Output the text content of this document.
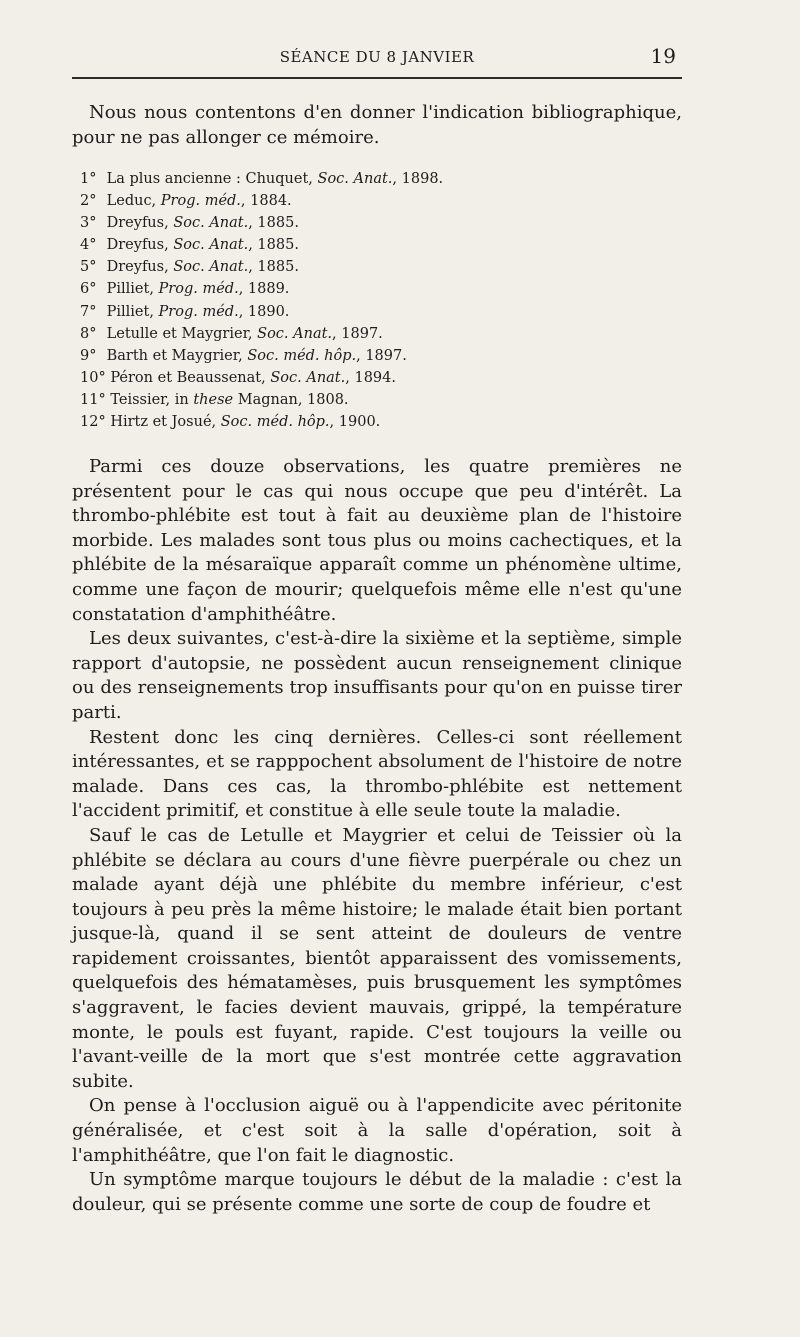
SÉANCE DU 8 JANVIER	19

Nous nous contentons d'en donner l'indication bibliographique, pour ne pas allonger ce mémoire.

1° La plus ancienne : Chuquet, Soc. Anat., 1898.
2° Leduc, Prog. méd., 1884.
3° Dreyfus, Soc. Anat., 1885.
4° Dreyfus, Soc. Anat., 1885.
5° Dreyfus, Soc. Anat., 1885.
6° Pilliet, Prog. méd., 1889.
7° Pilliet, Prog. méd., 1890.
8° Letulle et Maygrier, Soc. Anat., 1897.
9° Barth et Maygrier, Soc. méd. hôp., 1897.
10° Péron et Beaussenat, Soc. Anat., 1894.
11° Teissier, in these Magnan, 1808.
12° Hirtz et Josué, Soc. méd. hôp., 1900.

Parmi ces douze observations, les quatre premières ne présentent pour le cas qui nous occupe que peu d'intérêt. La thrombo-phlébite est tout à fait au deuxième plan de l'histoire morbide. Les malades sont tous plus ou moins cachectiques, et la phlébite de la mésaraïque apparaît comme un phénomène ultime, comme une façon de mourir; quelquefois même elle n'est qu'une constatation d'amphithéâtre.

Les deux suivantes, c'est-à-dire la sixième et la septième, simple rapport d'autopsie, ne possèdent aucun renseignement clinique ou des renseignements trop insuffisants pour qu'on en puisse tirer parti.

Restent donc les cinq dernières. Celles-ci sont réellement intéressantes, et se rapppochent absolument de l'histoire de notre malade. Dans ces cas, la thrombo-phlébite est nettement l'accident primitif, et constitue à elle seule toute la maladie.

Sauf le cas de Letulle et Maygrier et celui de Teissier où la phlébite se déclara au cours d'une fièvre puerpérale ou chez un malade ayant déjà une phlébite du membre inférieur, c'est toujours à peu près la même histoire; le malade était bien portant jusque-là, quand il se sent atteint de douleurs de ventre rapidement croissantes, bientôt apparaissent des vomissements, quelquefois des hématamèses, puis brusquement les symptômes s'aggravent, le facies devient mauvais, grippé, la température monte, le pouls est fuyant, rapide. C'est toujours la veille ou l'avant-veille de la mort que s'est montrée cette aggravation subite.

On pense à l'occlusion aiguë ou à l'appendicite avec péritonite généralisée, et c'est soit à la salle d'opération, soit à l'amphithéâtre, que l'on fait le diagnostic.

Un symptôme marque toujours le début de la maladie : c'est la douleur, qui se présente comme une sorte de coup de foudre et
